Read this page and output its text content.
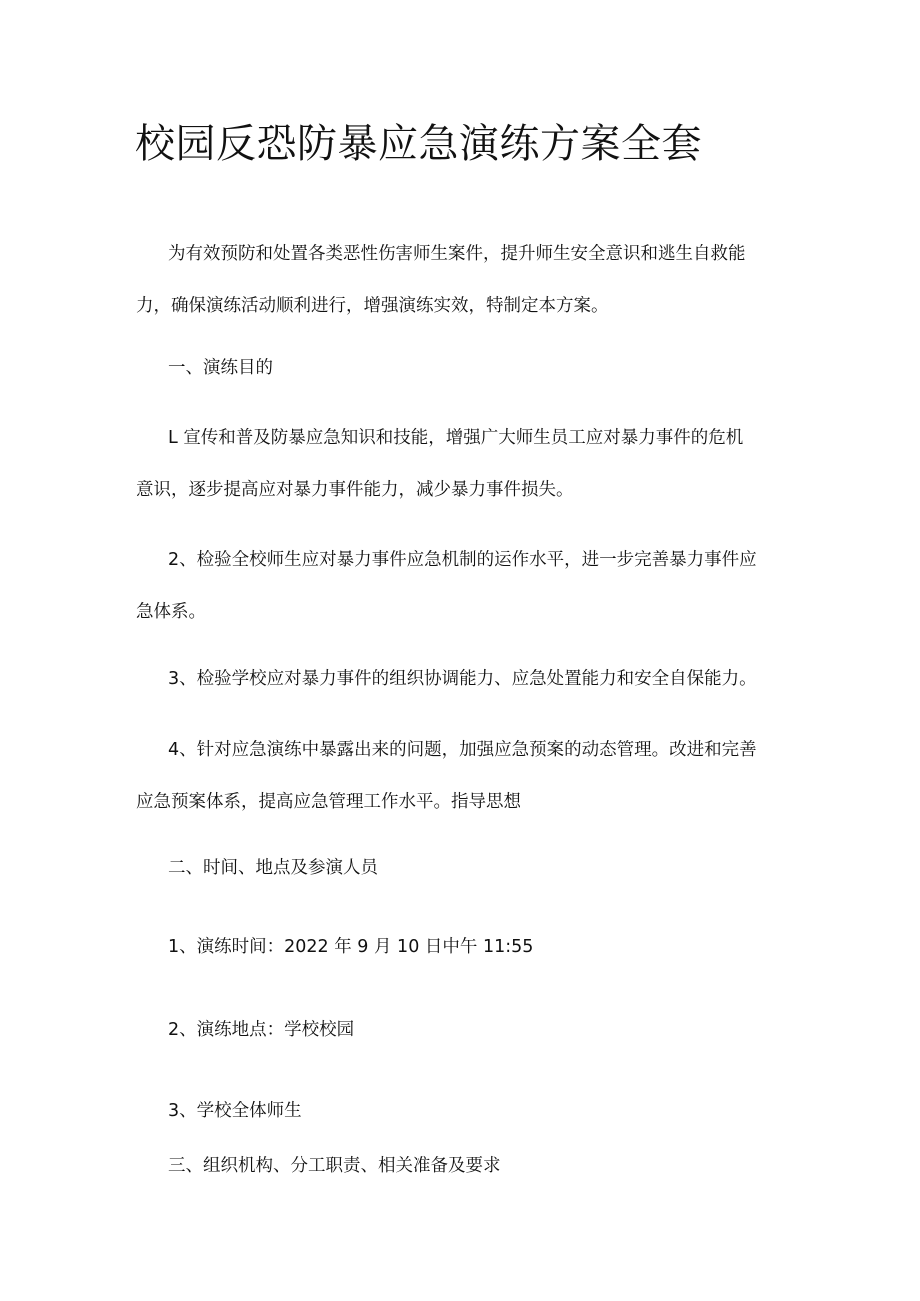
校园反恐防暴应急演练方案全套

为有效预防和处置各类恶性伤害师生案件，提升师生安全意识和逃生自救能
力，确保演练活动顺利进行，增强演练实效，特制定本方案。

一、演练目的

L 宣传和普及防暴应急知识和技能，增强广大师生员工应对暴力事件的危机
意识，逐步提高应对暴力事件能力，减少暴力事件损失。

2、检验全校师生应对暴力事件应急机制的运作水平，进一步完善暴力事件应
急体系。

3、检验学校应对暴力事件的组织协调能力、应急处置能力和安全自保能力。

4、针对应急演练中暴露出来的问题，加强应急预案的动态管理。改进和完善
应急预案体系，提高应急管理工作水平。指导思想

二、时间、地点及参演人员

1、演练时间：2022 年 9 月 10 日中午 11:55

2、演练地点：学校校园

3、学校全体师生

三、组织机构、分工职责、相关准备及要求
